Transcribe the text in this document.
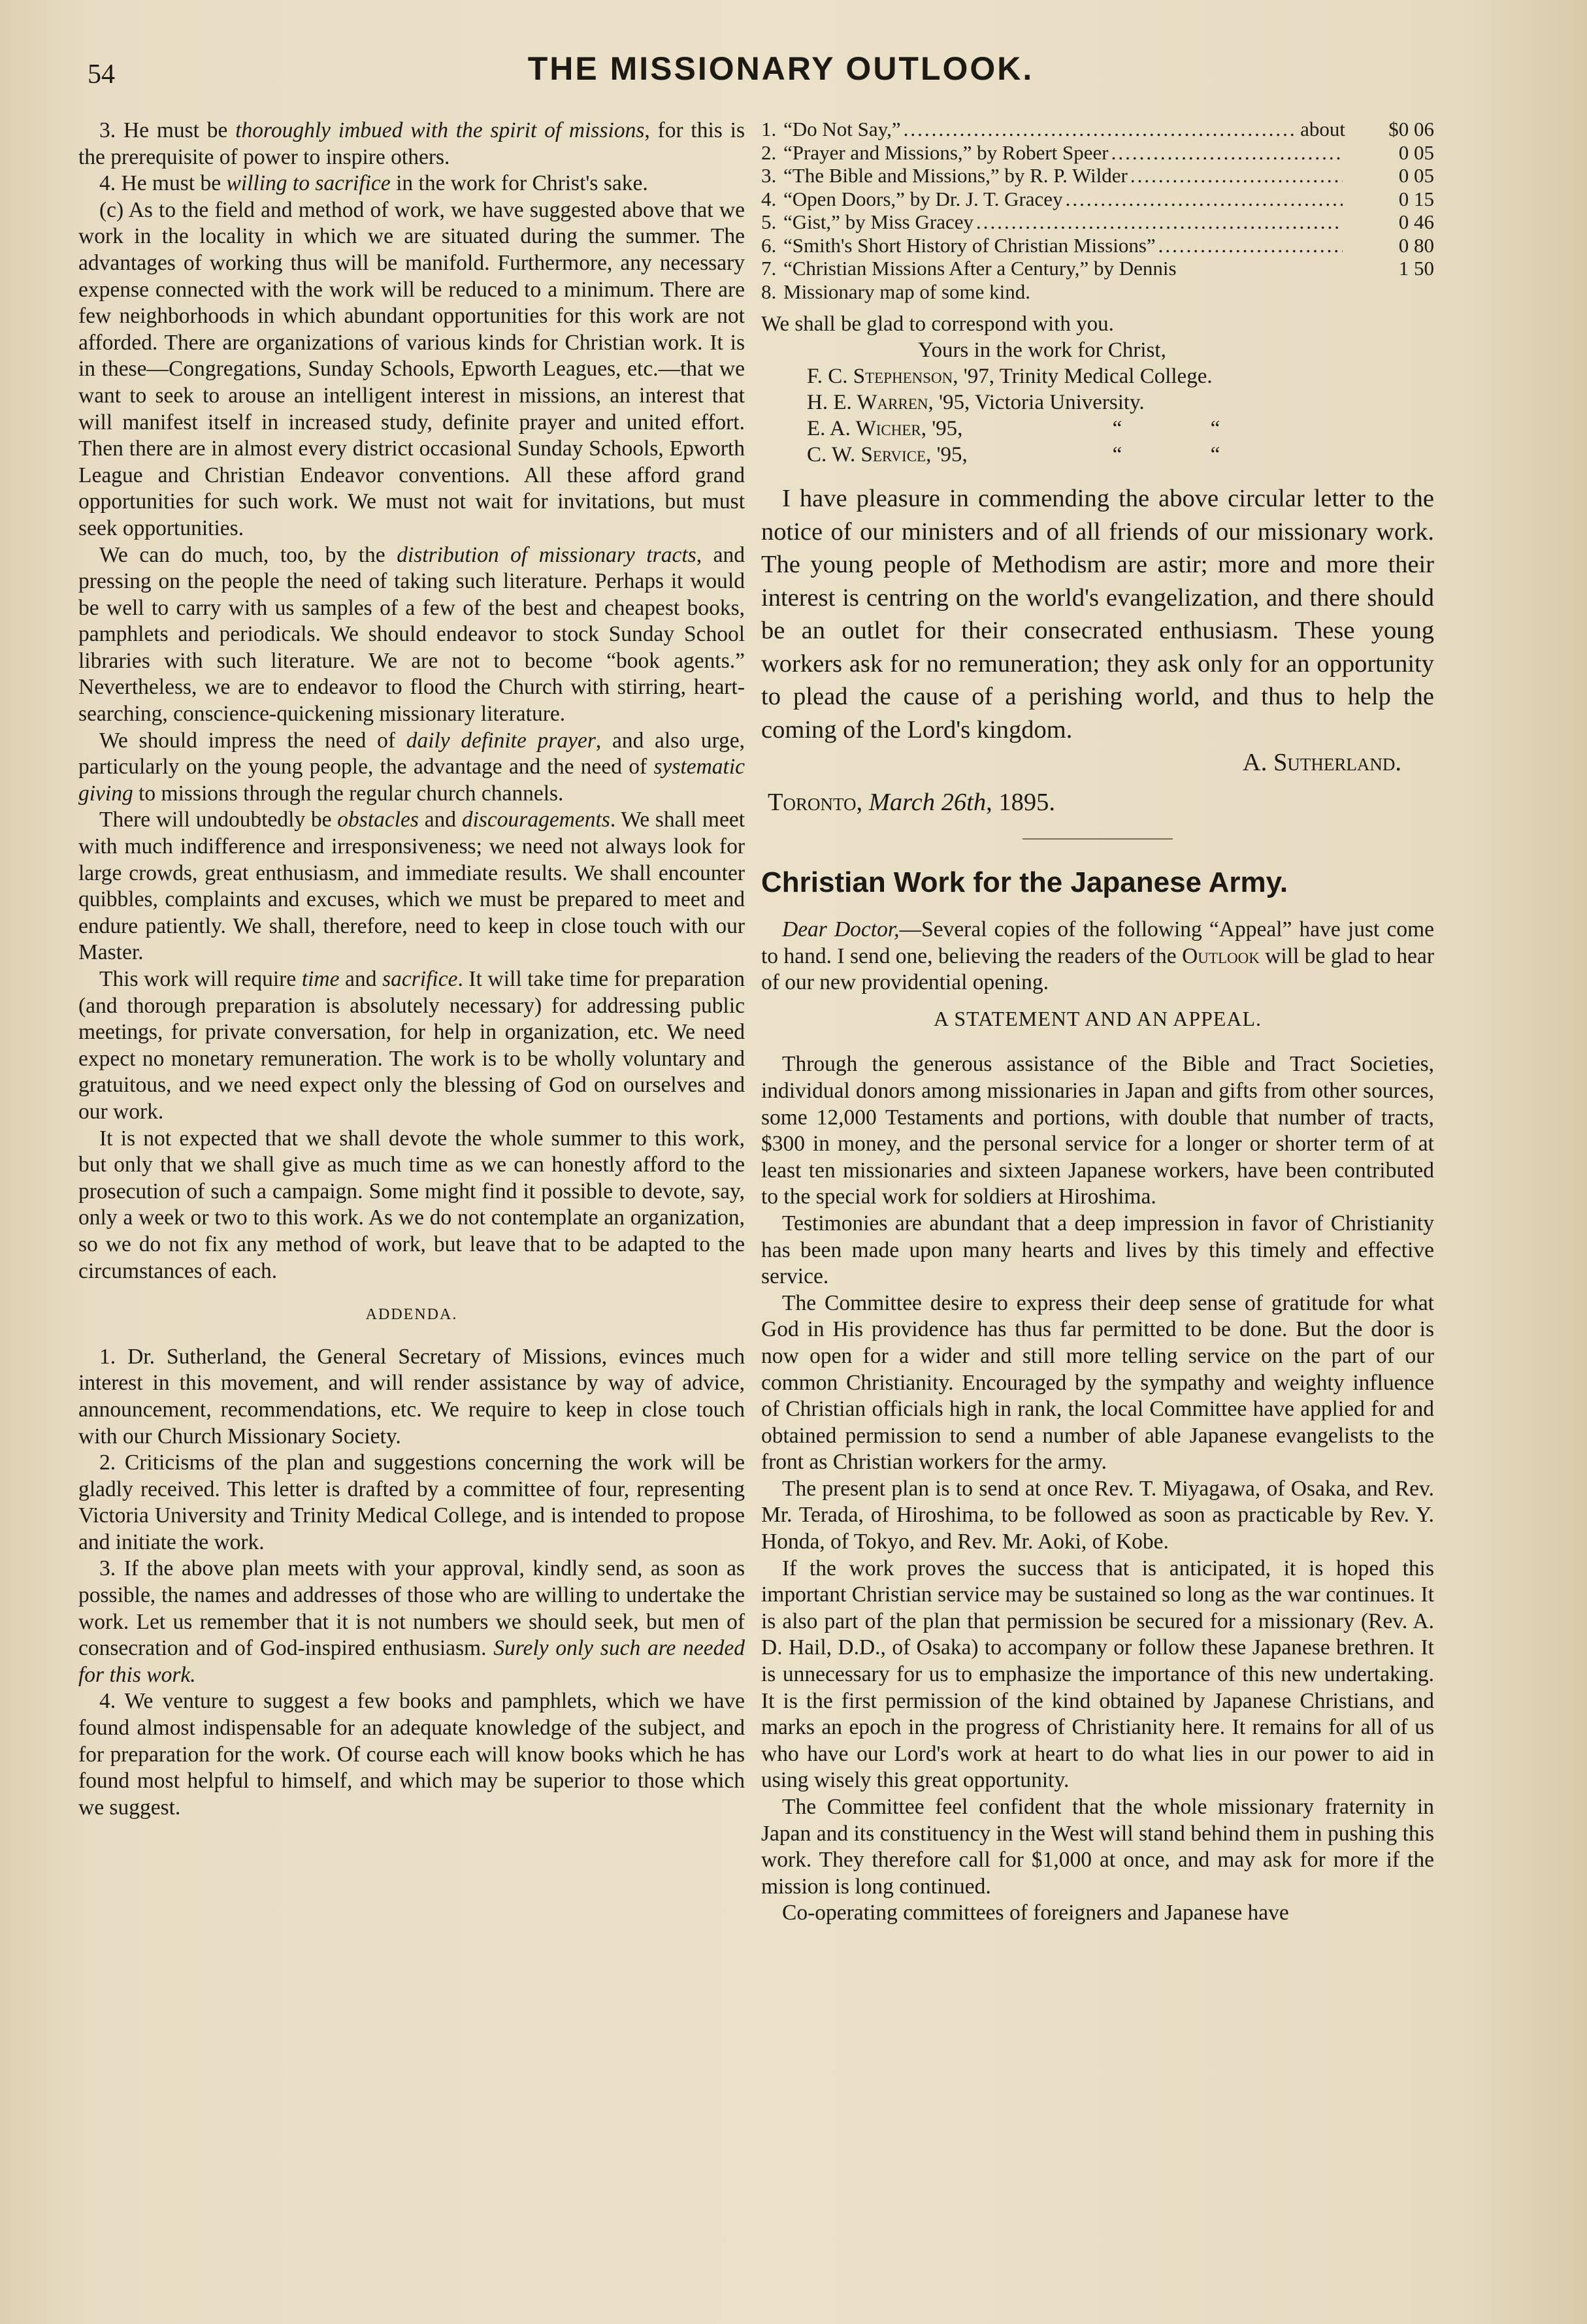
54	THE MISSIONARY OUTLOOK.

3. He must be thoroughly imbued with the spirit of missions, for this is the prerequisite of power to inspire others.

4. He must be willing to sacrifice in the work for Christ's sake.

(c) As to the field and method of work, we have suggested above that we work in the locality in which we are situated during the summer. The advantages of working thus will be manifold. Furthermore, any necessary expense connected with the work will be reduced to a minimum. There are few neighborhoods in which abundant opportunities for this work are not afforded. There are organizations of various kinds for Christian work. It is in these—Congregations, Sunday Schools, Epworth Leagues, etc.—that we want to seek to arouse an intelligent interest in missions, an interest that will manifest itself in increased study, definite prayer and united effort. Then there are in almost every district occasional Sunday Schools, Epworth League and Christian Endeavor conventions. All these afford grand opportunities for such work. We must not wait for invitations, but must seek opportunities.

We can do much, too, by the distribution of missionary tracts, and pressing on the people the need of taking such literature. Perhaps it would be well to carry with us samples of a few of the best and cheapest books, pamphlets and periodicals. We should endeavor to stock Sunday School libraries with such literature. We are not to become “book agents.” Nevertheless, we are to endeavor to flood the Church with stirring, heart-searching, conscience-quickening missionary literature.

We should impress the need of daily definite prayer, and also urge, particularly on the young people, the advantage and the need of systematic giving to missions through the regular church channels.

There will undoubtedly be obstacles and discouragements. We shall meet with much indifference and irresponsiveness; we need not always look for large crowds, great enthusiasm, and immediate results. We shall encounter quibbles, complaints and excuses, which we must be prepared to meet and endure patiently. We shall, therefore, need to keep in close touch with our Master.

This work will require time and sacrifice. It will take time for preparation (and thorough preparation is absolutely necessary) for addressing public meetings, for private conversation, for help in organization, etc. We need expect no monetary remuneration. The work is to be wholly voluntary and gratuitous, and we need expect only the blessing of God on ourselves and our work.

It is not expected that we shall devote the whole summer to this work, but only that we shall give as much time as we can honestly afford to the prosecution of such a campaign. Some might find it possible to devote, say, only a week or two to this work. As we do not contemplate an organization, so we do not fix any method of work, but leave that to be adapted to the circumstances of each.

ADDENDA.

1. Dr. Sutherland, the General Secretary of Missions, evinces much interest in this movement, and will render assistance by way of advice, announcement, recommendations, etc. We require to keep in close touch with our Church Missionary Society.

2. Criticisms of the plan and suggestions concerning the work will be gladly received. This letter is drafted by a committee of four, representing Victoria University and Trinity Medical College, and is intended to propose and initiate the work.

3. If the above plan meets with your approval, kindly send, as soon as possible, the names and addresses of those who are willing to undertake the work. Let us remember that it is not numbers we should seek, but men of consecration and of God-inspired enthusiasm. Surely only such are needed for this work.

4. We venture to suggest a few books and pamphlets, which we have found almost indispensable for an adequate knowledge of the subject, and for preparation for the work. Of course each will know books which he has found most helpful to himself, and which may be superior to those which we suggest.

1. “Do Not Say,” .....	about	$0 06
2. “Prayer and Missions,” by Robert Speer .....	0 05
3. “The Bible and Missions,” by R. P. Wilder .....	0 05
4. “Open Doors,” by Dr. J. T. Gracey .....	0 15
5. “Gist,” by Miss Gracey .....	0 46
6. “Smith's Short History of Christian Missions” .....	0 80
7. “Christian Missions After a Century,” by Dennis	1 50
8. Missionary map of some kind.

We shall be glad to correspond with you.

Yours in the work for Christ,

F. C. Stephenson, '97, Trinity Medical College.
H. E. Warren, '95, Victoria University.
E. A. Wicher, '95,	“	“
C. W. Service, '95,	“	“

I have pleasure in commending the above circular letter to the notice of our ministers and of all friends of our missionary work. The young people of Methodism are astir; more and more their interest is centring on the world's evangelization, and there should be an outlet for their consecrated enthusiasm. These young workers ask for no remuneration; they ask only for an opportunity to plead the cause of a perishing world, and thus to help the coming of the Lord's kingdom.

A. Sutherland.

Toronto, March 26th, 1895.

Christian Work for the Japanese Army.

Dear Doctor,—Several copies of the following “Appeal” have just come to hand. I send one, believing the readers of the Outlook will be glad to hear of our new providential opening.

A STATEMENT AND AN APPEAL.

Through the generous assistance of the Bible and Tract Societies, individual donors among missionaries in Japan and gifts from other sources, some 12,000 Testaments and portions, with double that number of tracts, $300 in money, and the personal service for a longer or shorter term of at least ten missionaries and sixteen Japanese workers, have been contributed to the special work for soldiers at Hiroshima.

Testimonies are abundant that a deep impression in favor of Christianity has been made upon many hearts and lives by this timely and effective service.

The Committee desire to express their deep sense of gratitude for what God in His providence has thus far permitted to be done. But the door is now open for a wider and still more telling service on the part of our common Christianity. Encouraged by the sympathy and weighty influence of Christian officials high in rank, the local Committee have applied for and obtained permission to send a number of able Japanese evangelists to the front as Christian workers for the army.

The present plan is to send at once Rev. T. Miyagawa, of Osaka, and Rev. Mr. Terada, of Hiroshima, to be followed as soon as practicable by Rev. Y. Honda, of Tokyo, and Rev. Mr. Aoki, of Kobe.

If the work proves the success that is anticipated, it is hoped this important Christian service may be sustained so long as the war continues. It is also part of the plan that permission be secured for a missionary (Rev. A. D. Hail, D.D., of Osaka) to accompany or follow these Japanese brethren. It is unnecessary for us to emphasize the importance of this new undertaking. It is the first permission of the kind obtained by Japanese Christians, and marks an epoch in the progress of Christianity here. It remains for all of us who have our Lord's work at heart to do what lies in our power to aid in using wisely this great opportunity.

The Committee feel confident that the whole missionary fraternity in Japan and its constituency in the West will stand behind them in pushing this work. They therefore call for $1,000 at once, and may ask for more if the mission is long continued.

Co-operating committees of foreigners and Japanese have
